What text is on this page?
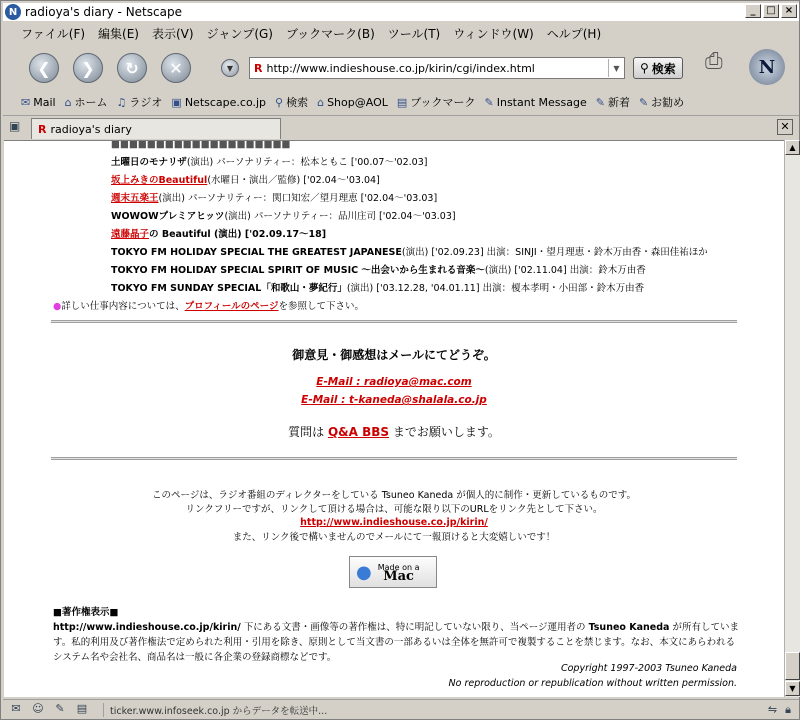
N radioya's diary - Netscape	_	□ ×
ファイル(F) 編集(E) 表示(V) ジャンプ(G) ブックマーク(B) ツール(T) ウィンドウ(W) ヘルプ(H)
❮ ❯ ↻ ✕	▼ R
http://www.indieshouse.co.jp/kirin/cgi/index.html	▼	⚲ 検索 ⎙	N
✉ Mail ⌂ ホーム ♫ ラジオ ▣ Netscape.co.jp ⚲ 検索 ⌂ Shop@AOL ▤ ブックマーク ✎ Instant Message ✎ 新着 ✎ お勧め
▣	R radioya's diary	✕
■■■■■■■■■■■■■■■■■■■■
土曜日のモナリザ(演出) パーソナリティー：松本ともこ ['00.07～'02.03]
坂上みきのBeautiful(水曜日・演出／監修) ['02.04～'03.04]
週末五楽王(演出) パーソナリティー：関口知宏／望月理恵 ['02.04～'03.03]
WOWOWプレミアヒッツ(演出) パーソナリティー：品川庄司 ['02.04～'03.03]
遠藤晶子の Beautiful (演出) ['02.09.17～18]
TOKYO FM HOLIDAY SPECIAL THE GREATEST JAPANESE(演出) ['02.09.23] 出演：SINJI・望月理恵・鈴木万由香・森田佳祐ほか
TOKYO FM HOLIDAY SPECIAL SPIRIT OF MUSIC ～出会いから生まれる音楽～(演出) ['02.11.04] 出演：鈴木万由香
TOKYO FM SUNDAY SPECIAL「和歌山・夢紀行」(演出) ['03.12.28, '04.01.11] 出演：榎本孝明・小田部・鈴木万由香
●詳しい仕事内容については、プロフィールのページを参照して下さい。
御意見・御感想はメールにてどうぞ。
E-Mail : radioya@mac.com
E-Mail : t-kaneda@shalala.co.jp
質問は Q&A BBS までお願いします。
このページは、ラジオ番組のディレクターをしている Tsuneo Kaneda が個人的に制作・更新しているものです。
リンクフリーですが、リンクして頂ける場合は、可能な限り以下のURLをリンク先として下さい。
http://www.indieshouse.co.jp/kirin/
また、リンク後で構いませんのでメールにて一報頂けると大変嬉しいです！
● Made on a
Mac
■著作権表示■
http://www.indieshouse.co.jp/kirin/ 下にある文書・画像等の著作権は、特に明記していない限り、当ページ運用者の Tsuneo Kaneda が所有しています。私的利用及び著作権法で定められた利用・引用を除き、原則として当文書の一部あるいは全体を無許可で複製することを禁じます。なお、本文にあらわれるシステム名や会社名、商品名は一般に各企業の登録商標などです。
Copyright 1997-2003 Tsuneo Kaneda
No reproduction or republication without written permission.
▲
▼
✉	☺	✎	▤	ticker.www.infoseek.co.jp からデータを転送中...	⇋ 🔒︎
